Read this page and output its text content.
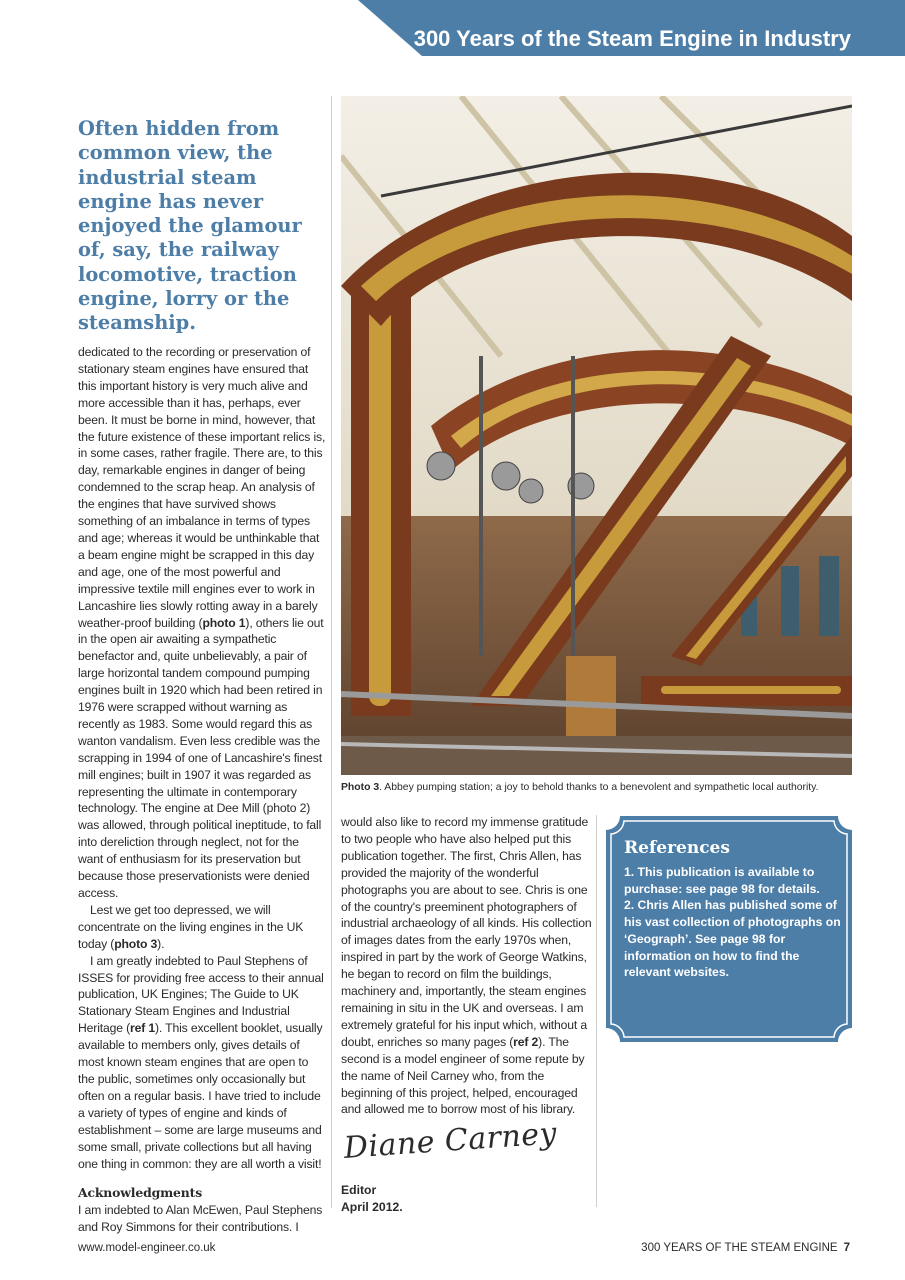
300 Years of the Steam Engine in Industry

Often hidden from common view, the industrial steam engine has never enjoyed the glamour of, say, the railway locomotive, traction engine, lorry or the steamship.

dedicated to the recording or preservation of stationary steam engines have ensured that this important history is very much alive and more accessible than it has, perhaps, ever been. It must be borne in mind, however, that the future existence of these important relics is, in some cases, rather fragile. There are, to this day, remarkable engines in danger of being condemned to the scrap heap. An analysis of the engines that have survived shows something of an imbalance in terms of types and age; whereas it would be unthinkable that a beam engine might be scrapped in this day and age, one of the most powerful and impressive textile mill engines ever to work in Lancashire lies slowly rotting away in a barely weather-proof building (photo 1), others lie out in the open air awaiting a sympathetic benefactor and, quite unbelievably, a pair of large horizontal tandem compound pumping engines built in 1920 which had been retired in 1976 were scrapped without warning as recently as 1983. Some would regard this as wanton vandalism. Even less credible was the scrapping in 1994 of one of Lancashire's finest mill engines; built in 1907 it was regarded as representing the ultimate in contemporary technology. The engine at Dee Mill (photo 2) was allowed, through political ineptitude, to fall into dereliction through neglect, not for the want of enthusiasm for its preservation but because those preservationists were denied access.

Lest we get too depressed, we will concentrate on the living engines in the UK today (photo 3).

I am greatly indebted to Paul Stephens of ISSES for providing free access to their annual publication, UK Engines; The Guide to UK Stationary Steam Engines and Industrial Heritage (ref 1). This excellent booklet, usually available to members only, gives details of most known steam engines that are open to the public, sometimes only occasionally but often on a regular basis. I have tried to include a variety of types of engine and kinds of establishment – some are large museums and some small, private collections but all having one thing in common: they are all worth a visit!

Acknowledgments

I am indebted to Alan McEwen, Paul Stephens and Roy Simmons for their contributions. I

Photo 3. Abbey pumping station; a joy to behold thanks to a benevolent and sympathetic local authority.

would also like to record my immense gratitude to two people who have also helped put this publication together. The first, Chris Allen, has provided the majority of the wonderful photographs you are about to see. Chris is one of the country's preeminent photographers of industrial archaeology of all kinds. His collection of images dates from the early 1970s when, inspired in part by the work of George Watkins, he began to record on film the buildings, machinery and, importantly, the steam engines remaining in situ in the UK and overseas. I am extremely grateful for his input which, without a doubt, enriches so many pages (ref 2). The second is a model engineer of some repute by the name of Neil Carney who, from the beginning of this project, helped, encouraged and allowed me to borrow most of his library.

Diane Carney
Editor
April 2012.

References

1. This publication is available to purchase: see page 98 for details.

2. Chris Allen has published some of his vast collection of photographs on ‘Geograph’. See page 98 for information on how to find the relevant websites.

www.model-engineer.co.uk	300 YEARS OF THE STEAM ENGINE 7
